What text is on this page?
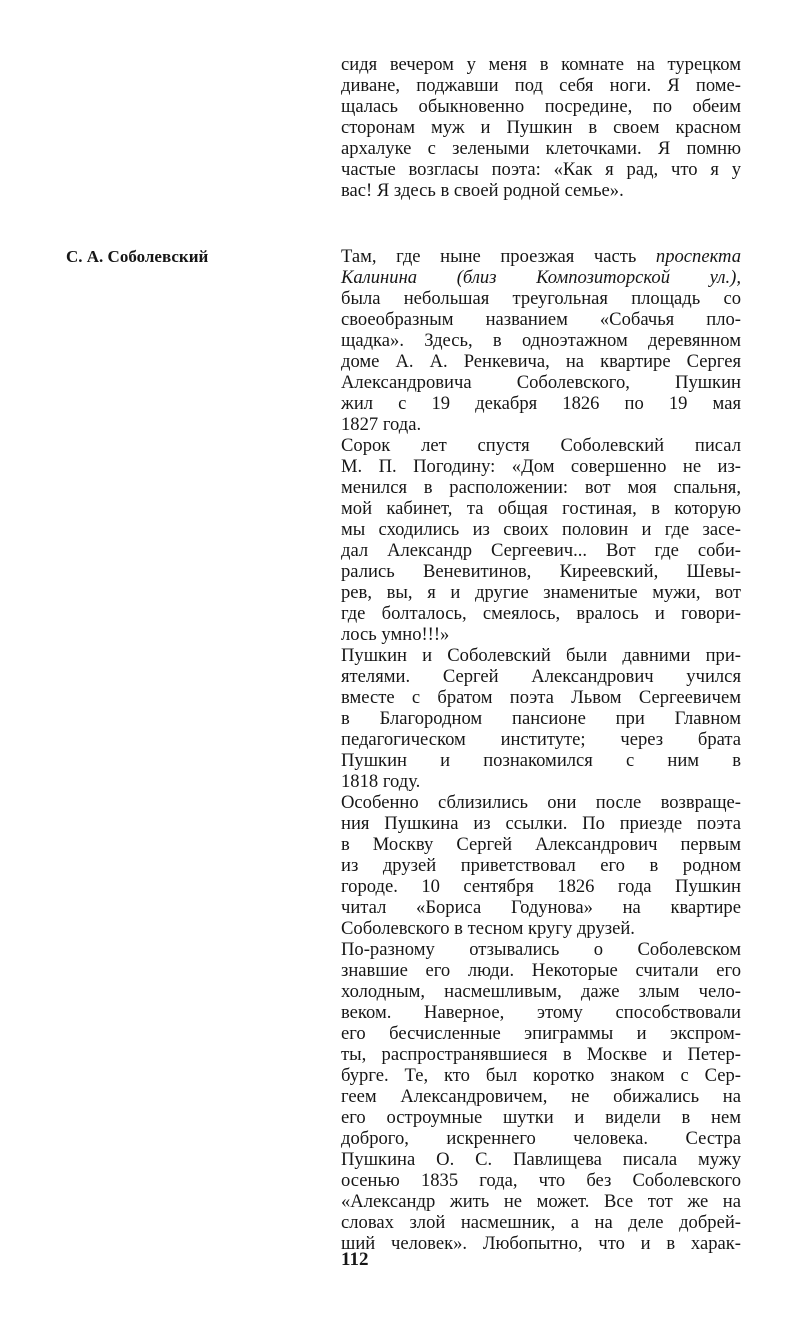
сидя вечером у меня в комнате на турецком
диване, поджавши под себя ноги. Я поме-
щалась обыкновенно посредине, по обеим
сторонам муж и Пушкин в своем красном
архалуке с зелеными клеточками. Я помню
частые возгласы поэта: «Как я рад, что я у
вас! Я здесь в своей родной семье».
С. А. Соболевский	Там, где ныне проезжая часть проспекта
Калинина (близ Композиторской ул.),
была небольшая треугольная площадь со
своеобразным названием «Собачья пло-
щадка». Здесь, в одноэтажном деревянном
доме А. А. Ренкевича, на квартире Сергея
Александровича Соболевского, Пушкин
жил с 19 декабря 1826 по 19 мая
1827 года.
Сорок лет спустя Соболевский писал
М. П. Погодину: «Дом совершенно не из-
менился в расположении: вот моя спальня,
мой кабинет, та общая гостиная, в которую
мы сходились из своих половин и где засе-
дал Александр Сергеевич... Вот где соби-
рались Веневитинов, Киреевский, Шевы-
рев, вы, я и другие знаменитые мужи, вот
где болталось, смеялось, вралось и говори-
лось умно!!!»
Пушкин и Соболевский были давними при-
ятелями. Сергей Александрович учился
вместе с братом поэта Львом Сергеевичем
в Благородном пансионе при Главном
педагогическом институте; через брата
Пушкин и познакомился с ним в
1818 году.
Особенно сблизились они после возвраще-
ния Пушкина из ссылки. По приезде поэта
в Москву Сергей Александрович первым
из друзей приветствовал его в родном
городе. 10 сентября 1826 года Пушкин
читал «Бориса Годунова» на квартире
Соболевского в тесном кругу друзей.
По-разному отзывались о Соболевском
знавшие его люди. Некоторые считали его
холодным, насмешливым, даже злым чело-
веком. Наверное, этому способствовали
его бесчисленные эпиграммы и экспром-
ты, распространявшиеся в Москве и Петер-
бурге. Те, кто был коротко знаком с Сер-
геем Александровичем, не обижались на
его остроумные шутки и видели в нем
доброго, искреннего человека. Сестра
Пушкина О. С. Павлищева писала мужу
осенью 1835 года, что без Соболевского
«Александр жить не может. Все тот же на
словах злой насмешник, а на деле добрей-
ший человек». Любопытно, что и в харак-
112
